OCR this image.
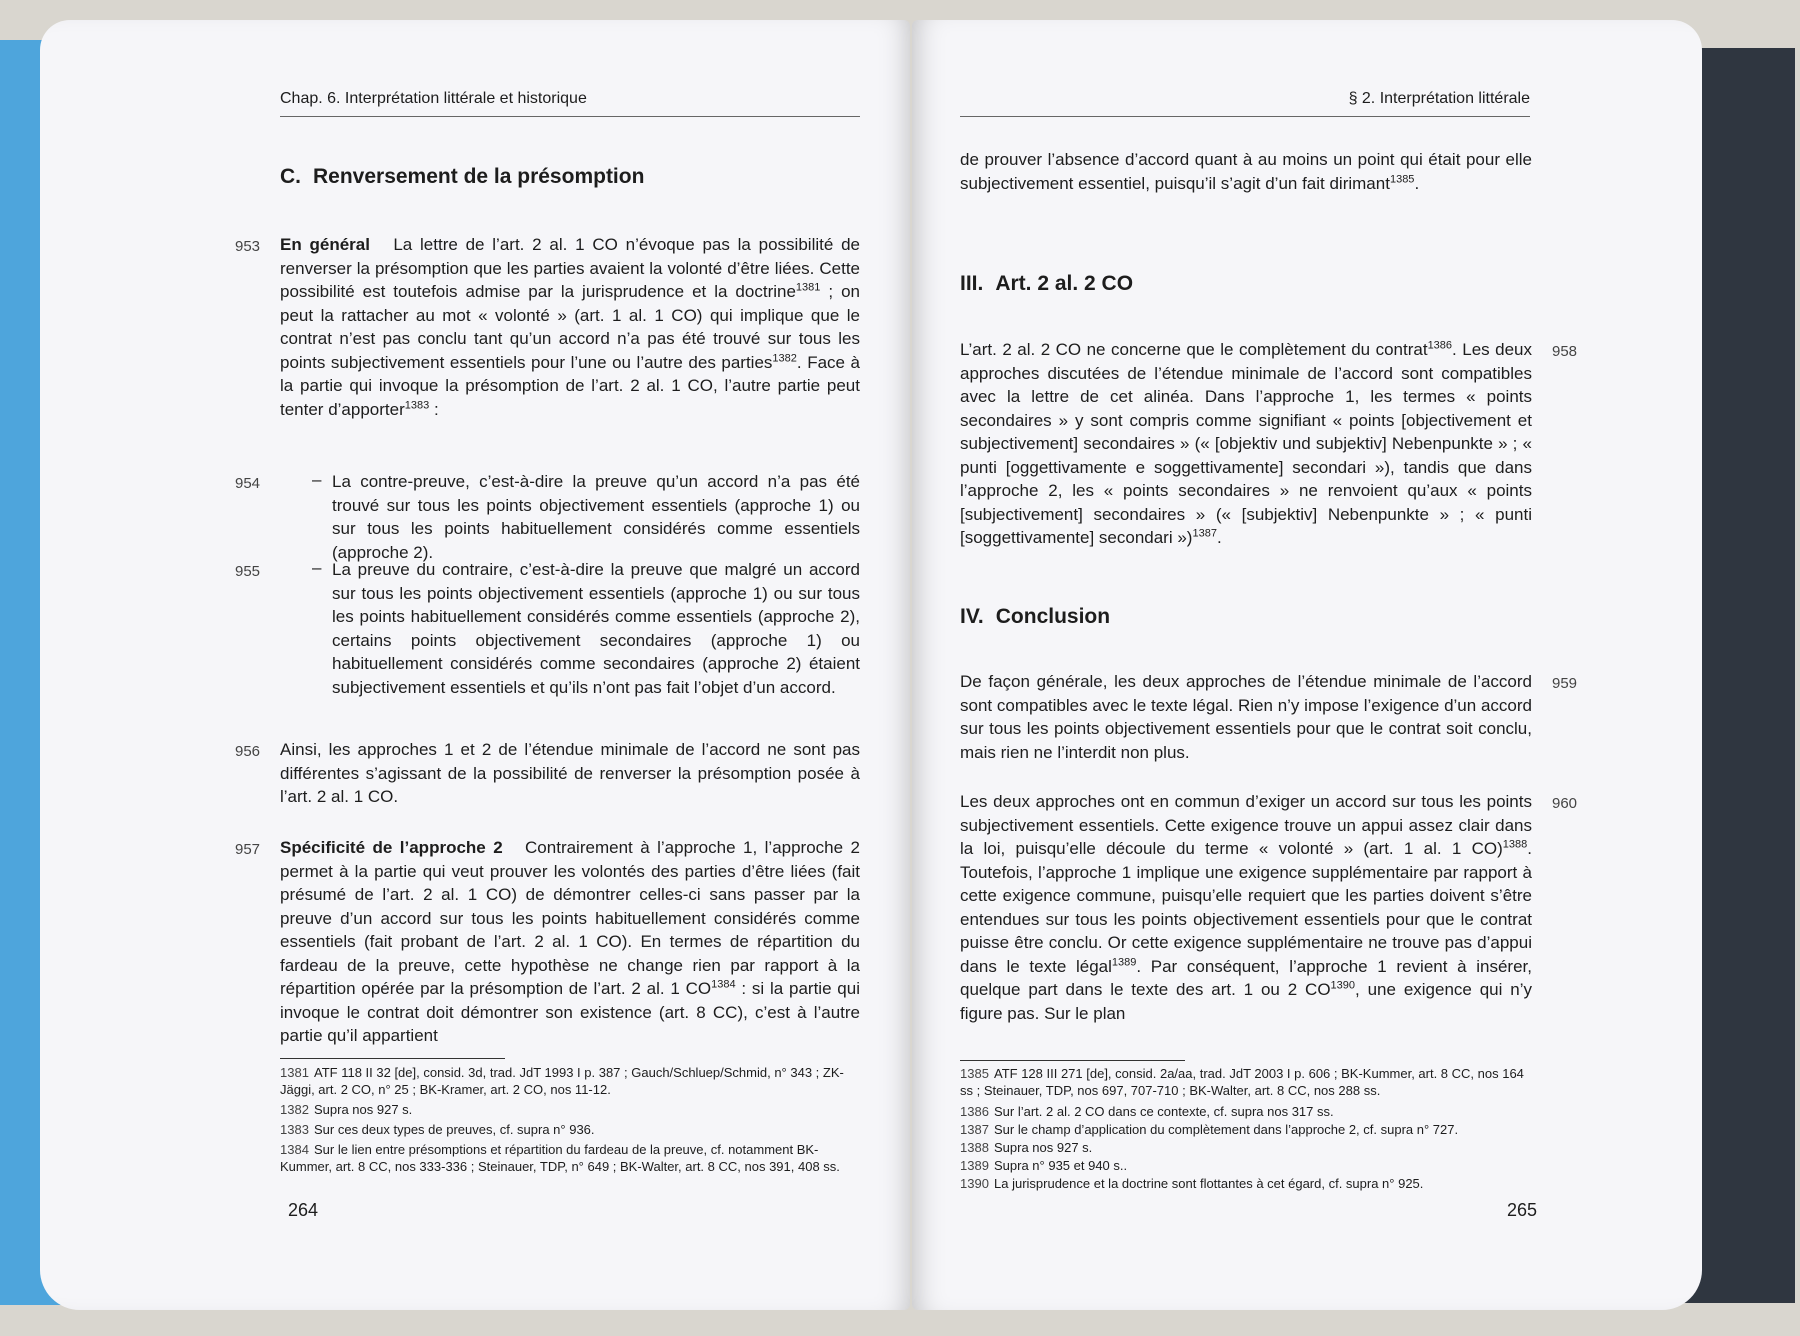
Chap. 6. Interprétation littérale et historique
C. Renversement de la présomption
953 En général La lettre de l’art. 2 al. 1 CO n’évoque pas la possibilité de renverser la présomption que les parties avaient la volonté d’être liées. Cette possibilité est toutefois admise par la jurisprudence et la doctrine$^{1381}$ ; on peut la rattacher au mot « volonté » (art. 1 al. 1 CO) qui implique que le contrat n’est pas conclu tant qu’un accord n’a pas été trouvé sur tous les points subjectivement essentiels pour l’une ou l’autre des parties$^{1382}$. Face à la partie qui invoque la présomption de l’art. 2 al. 1 CO, l’autre partie peut tenter d’apporter$^{1383}$ :
954	– La contre-preuve, c’est-à-dire la preuve qu’un accord n’a pas été trouvé sur tous les points objectivement essentiels (approche 1) ou sur tous les points habituellement considérés comme essentiels (approche 2).
955	– La preuve du contraire, c’est-à-dire la preuve que malgré un accord sur tous les points objectivement essentiels (approche 1) ou sur tous les points habituellement considérés comme essentiels (approche 2), certains points objectivement secondaires (approche 1) ou habituellement considérés comme secondaires (approche 2) étaient subjectivement essentiels et qu’ils n’ont pas fait l’objet d’un accord.
956 Ainsi, les approches 1 et 2 de l’étendue minimale de l’accord ne sont pas différentes s’agissant de la possibilité de renverser la présomption posée à l’art. 2 al. 1 CO.
957 Spécificité de l’approche 2 Contrairement à l’approche 1, l’approche 2 permet à la partie qui veut prouver les volontés des parties d’être liées (fait présumé de l’art. 2 al. 1 CO) de démontrer celles-ci sans passer par la preuve d’un accord sur tous les points habituellement considérés comme essentiels (fait probant de l’art. 2 al. 1 CO). En termes de répartition du fardeau de la preuve, cette hypothèse ne change rien par rapport à la répartition opérée par la présomption de l’art. 2 al. 1 $CO^{1384}$ : si la partie qui invoque le contrat doit démontrer son existence (art. 8 CC), c’est à l’autre partie qu’il appartient
1381 ATF 118 II 32 [de], consid. 3d, trad. JdT 1993 I p. 387 ; Gauch/Schluep/Schmid, n° 343 ; ZK-Jäggi, art. 2 CO, n° 25 ; BK-Kramer, art. 2 CO, nos 11-12.
1382 Supra nos 927 s.
1383 Sur ces deux types de preuves, cf. supra n° 936.
1384 Sur le lien entre présomptions et répartition du fardeau de la preuve, cf. notamment BK-Kummer, art. 8 CC, nos 333-336 ; Steinauer, TDP, n° 649 ; BK-Walter, art. 8 CC, nos 391, 408 ss.
264
§ 2. Interprétation littérale
de prouver l’absence d’accord quant à au moins un point qui était pour elle subjectivement essentiel, puisqu’il s’agit d’un fait dirimant$^{1385}$.
III. Art. 2 al. 2 CO
L’art. 2 al. 2 CO ne concerne que le complètement du contrat$^{1386}$. Les deux approches discutées de l’étendue minimale de l’accord sont compatibles avec la lettre de cet alinéa. Dans l’approche 1, les termes « points secondaires » y sont compris comme signifiant « points [objectivement et subjectivement] secondaires » (« [objektiv und subjektiv] Nebenpunkte » ; « punti [oggettivamente e soggettivamente] secondari »), tandis que dans l’approche 2, les « points secondaires » ne renvoient qu’aux « points [subjectivement] secondaires » (« [subjektiv] Nebenpunkte » ; « punti [soggettivamente] secondari »)$^{1387}$.
958
IV. Conclusion
De façon générale, les deux approches de l’étendue minimale de l’accord sont compatibles avec le texte légal. Rien n’y impose l’exigence d’un accord sur tous les points objectivement essentiels pour que le contrat soit conclu, mais rien ne l’interdit non plus.
959
Les deux approches ont en commun d’exiger un accord sur tous les points subjectivement essentiels. Cette exigence trouve un appui assez clair dans la loi, puisqu’elle découle du terme « volonté » (art. 1 al. 1 CO)$^{1388}$. Toutefois, l’approche 1 implique une exigence supplémentaire par rapport à cette exigence commune, puisqu’elle requiert que les parties doivent s’être entendues sur tous les points objectivement essentiels pour que le contrat puisse être conclu. Or cette exigence supplémentaire ne trouve pas d’appui dans le texte légal$^{1389}$. Par conséquent, l’approche 1 revient à insérer, quelque part dans le texte des art. 1 ou 2 $CO^{1390}$, une exigence qui n’y figure pas. Sur le plan
960
1385 ATF 128 III 271 [de], consid. 2a/aa, trad. JdT 2003 I p. 606 ; BK-Kummer, art. 8 CC, nos 164 ss ; Steinauer, TDP, nos 697, 707-710 ; BK-Walter, art. 8 CC, nos 288 ss.
1386 Sur l’art. 2 al. 2 CO dans ce contexte, cf. supra nos 317 ss.
1387 Sur le champ d’application du complètement dans l’approche 2, cf. supra n° 727.
1388 Supra nos 927 s.
1389 Supra n° 935 et 940 s..
1390 La jurisprudence et la doctrine sont flottantes à cet égard, cf. supra n° 925.
265
